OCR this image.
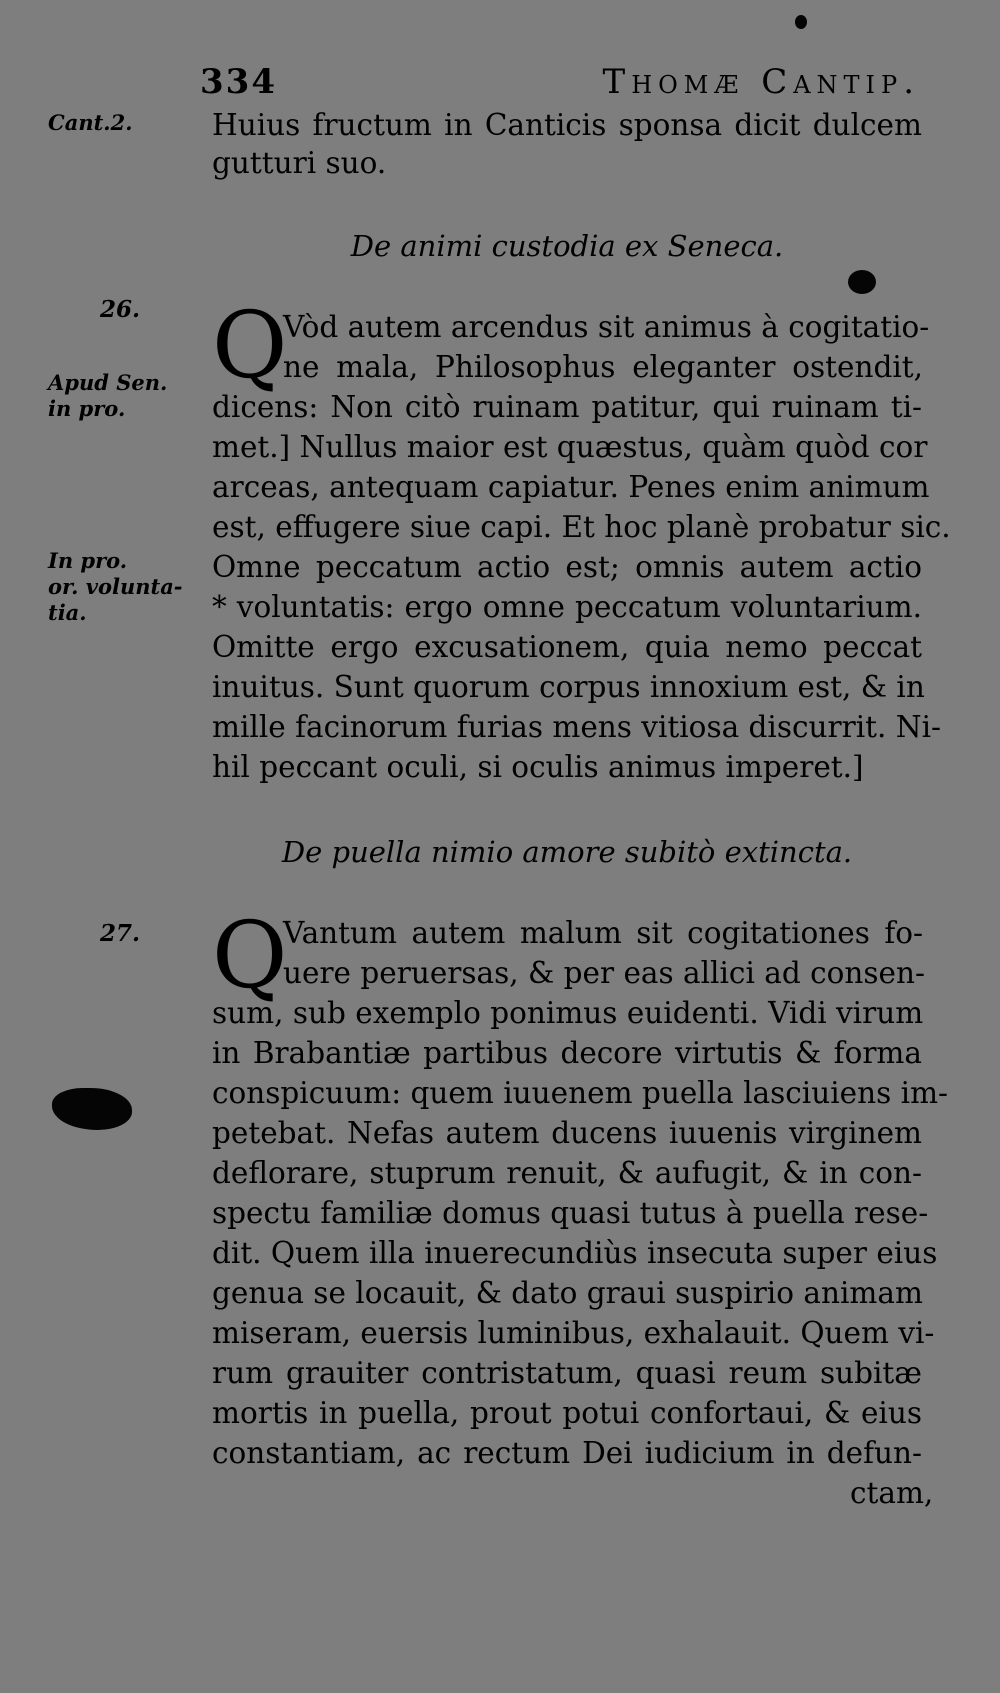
334	Thomæ Cantip.
Cant.2.
26.
Apud Sen.
in pro.
In pro.
or. volunta-
tia.
27.
Huius fructum in Canticis sponsa dicit dulcem
gutturi suo.
De animi custodia ex Seneca.
Q
Vòd autem arcendus sit animus à cogitatio-
ne mala, Philosophus eleganter ostendit,
dicens: Non citò ruinam patitur, qui ruinam ti-
met.] Nullus maior est quæstus, quàm quòd cor
arceas, antequam capiatur. Penes enim animum
est, effugere siue capi. Et hoc planè probatur sic.
Omne peccatum actio est; omnis autem actio
* voluntatis: ergo omne peccatum voluntarium.
Omitte ergo excusationem, quia nemo peccat
inuitus. Sunt quorum corpus innoxium est, & in
mille facinorum furias mens vitiosa discurrit. Ni-
hil peccant oculi, si oculis animus imperet.]
De puella nimio amore subitò extincta.
Q
Vantum autem malum sit cogitationes fo-
uere peruersas, & per eas allici ad consen-
sum, sub exemplo ponimus euidenti. Vidi virum
in Brabantiæ partibus decore virtutis & forma
conspicuum: quem iuuenem puella lasciuiens im-
petebat. Nefas autem ducens iuuenis virginem
deflorare, stuprum renuit, & aufugit, & in con-
spectu familiæ domus quasi tutus à puella rese-
dit. Quem illa inuerecundiùs insecuta super eius
genua se locauit, & dato graui suspirio animam
miseram, euersis luminibus, exhalauit. Quem vi-
rum grauiter contristatum, quasi reum subitæ
mortis in puella, prout potui confortaui, & eius
constantiam, ac rectum Dei iudicium in defun-
ctam,
